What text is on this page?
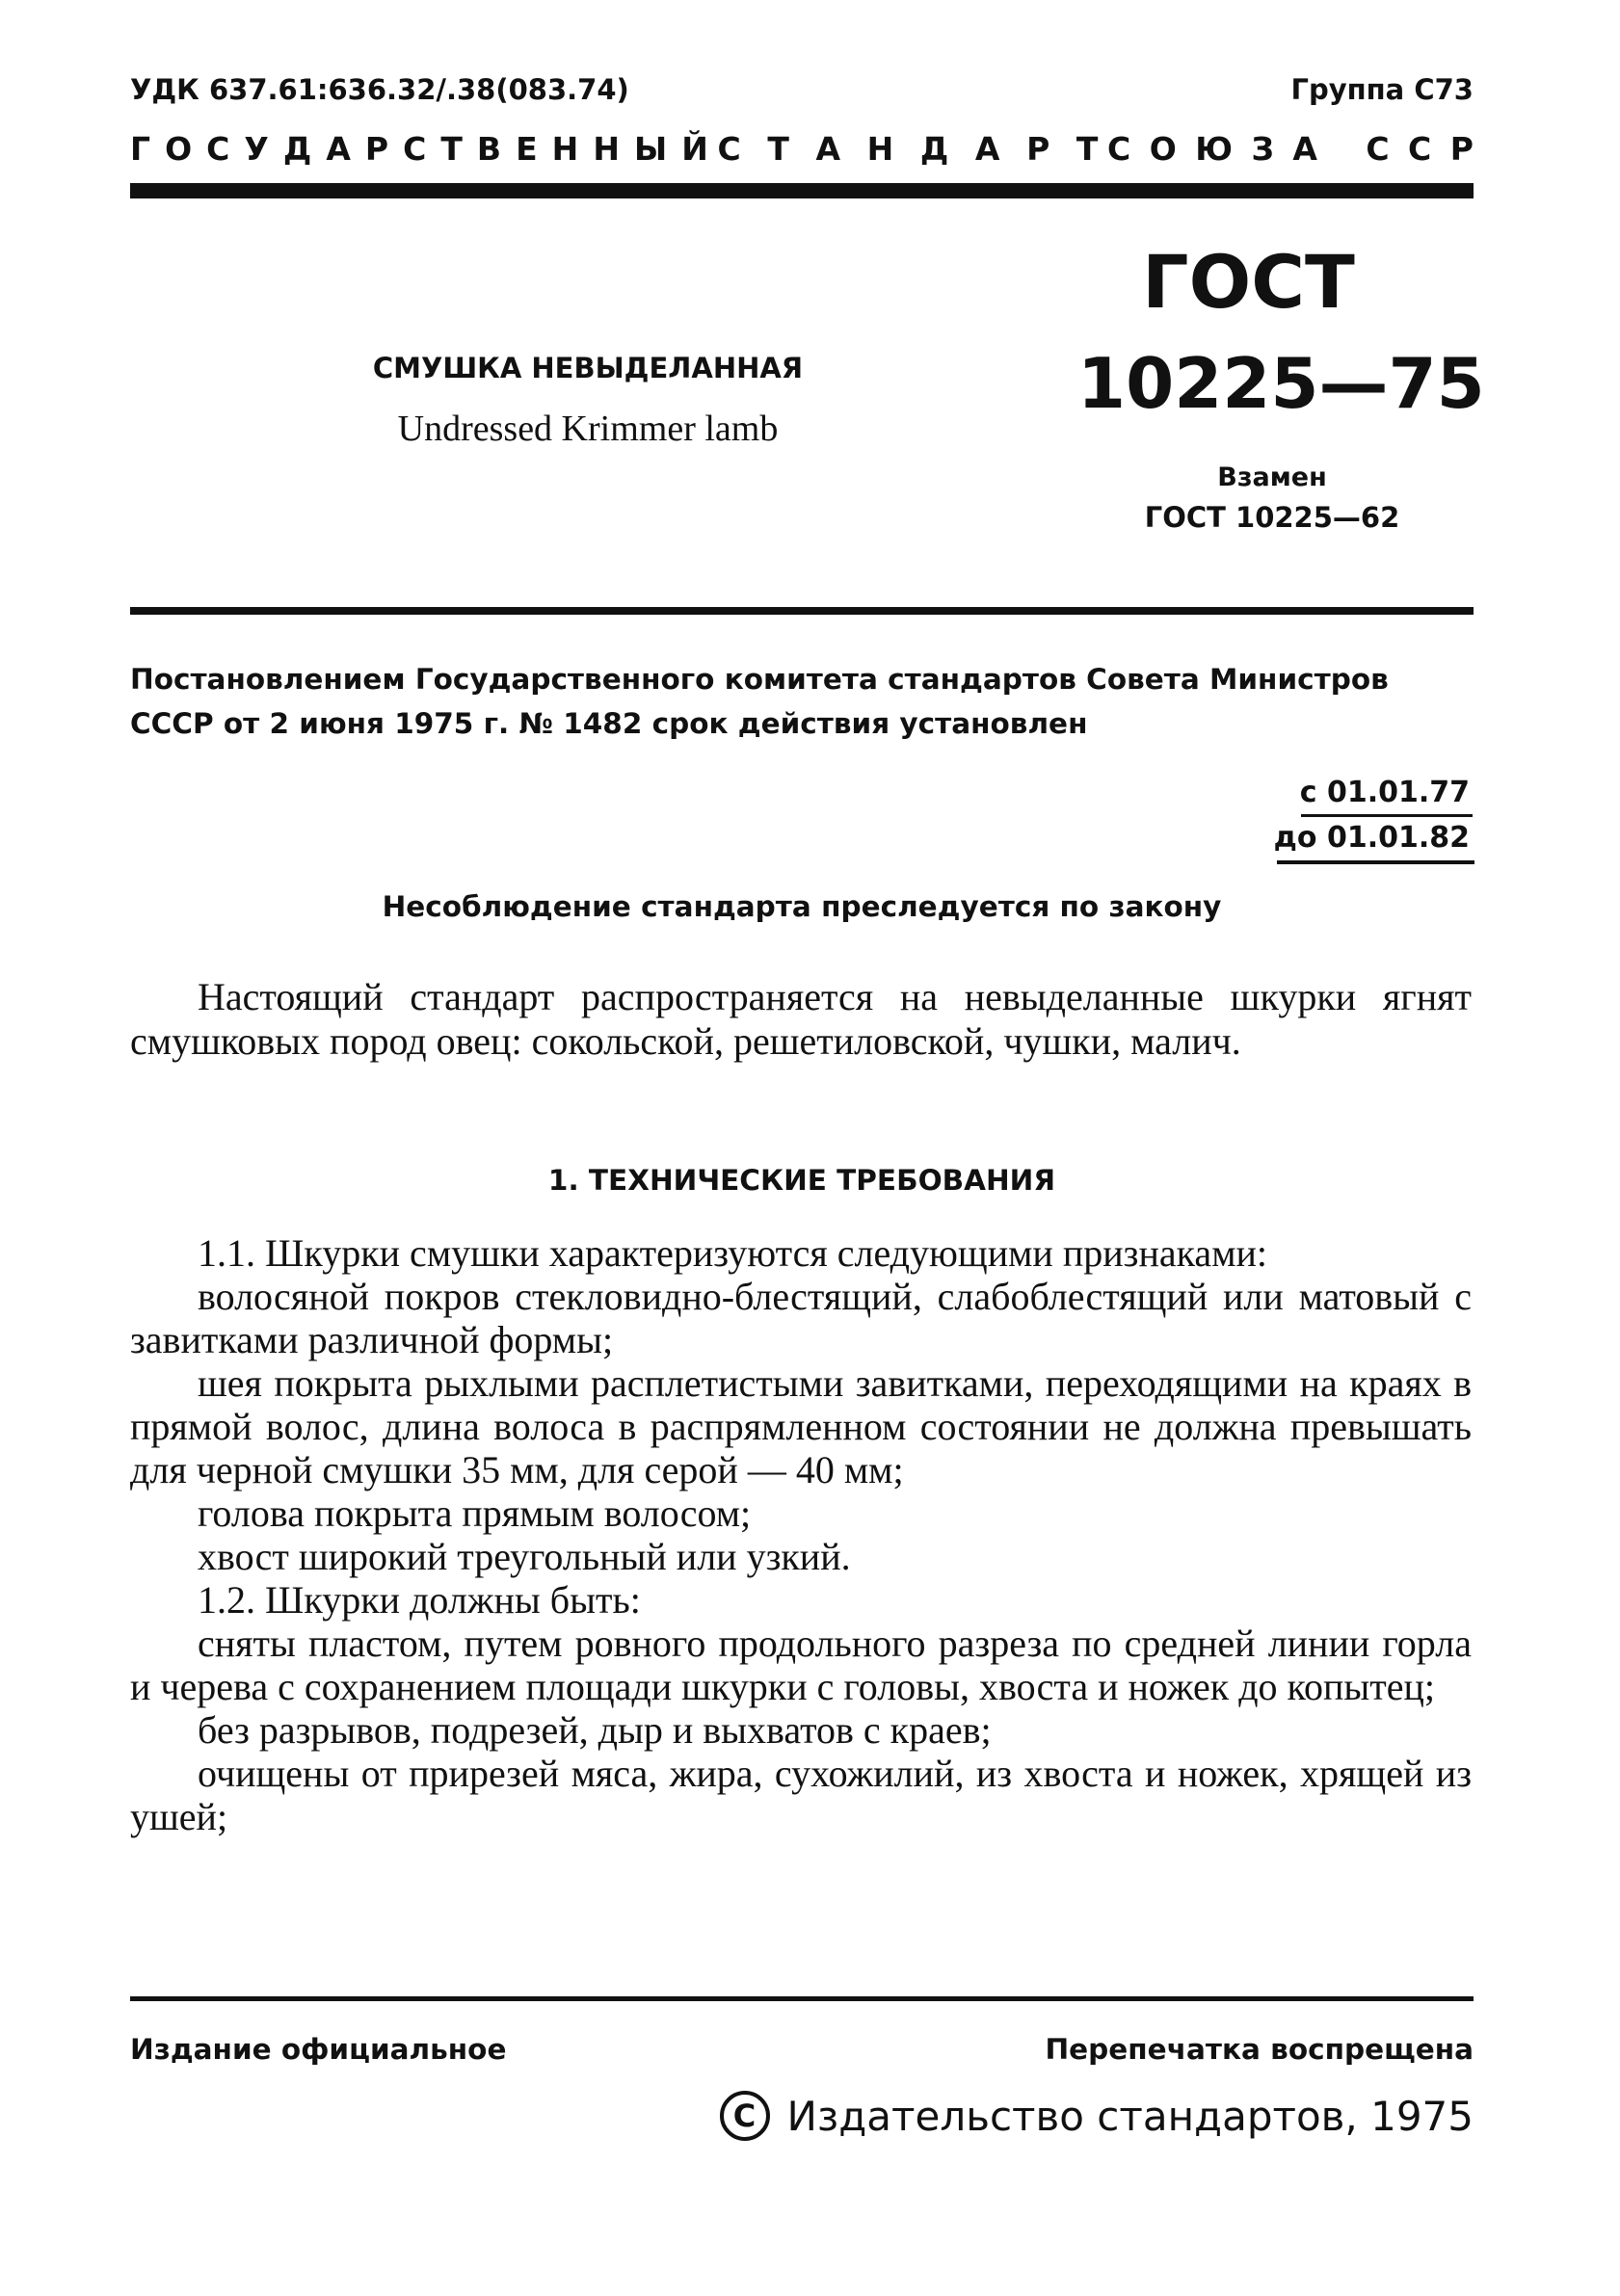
УДК 637.61:636.32/.38(083.74)	Группа С73
Г О С У Д А Р С Т В Е Н Н Ы Й С Т А Н Д А Р Т С О Ю З А
С С Р
СМУШКА НЕВЫДЕЛАННАЯ
Undressed Krimmer lamb
ГОСТ
10225—75
Взамен
ГОСТ 10225—62
Постановлением Государственного комитета стандартов Совета Министров СССР от 2 июня 1975 г. № 1482 срок действия установлен
с 01.01.77
до 01.01.82
Несоблюдение стандарта преследуется по закону
Настоящий стандарт распространяется на невыделанные шкурки ягнят смушковых пород овец: сокольской, решетиловской, чушки, малич.
1. ТЕХНИЧЕСКИЕ ТРЕБОВАНИЯ

1.1. Шкурки смушки характеризуются следующими признаками:

волосяной покров стекловидно-блестящий, слабоблестящий или матовый с завитками различной формы;

шея покрыта рыхлыми расплетистыми завитками, переходящими на краях в прямой волос, длина волоса в распрямленном состоянии не должна превышать для черной смушки 35 мм, для серой — 40 мм;

голова покрыта прямым волосом;

хвост широкий треугольный или узкий.

1.2. Шкурки должны быть:

сняты пластом, путем ровного продольного разреза по средней линии горла и черева с сохранением площади шкурки с головы, хвоста и ножек до копытец;

без разрывов, подрезей, дыр и выхватов с краев;

очищены от прирезей мяса, жира, сухожилий, из хвоста и ножек, хрящей из ушей;

Издание официальное	Перепечатка воспрещена
C Издательство стандартов, 1975
